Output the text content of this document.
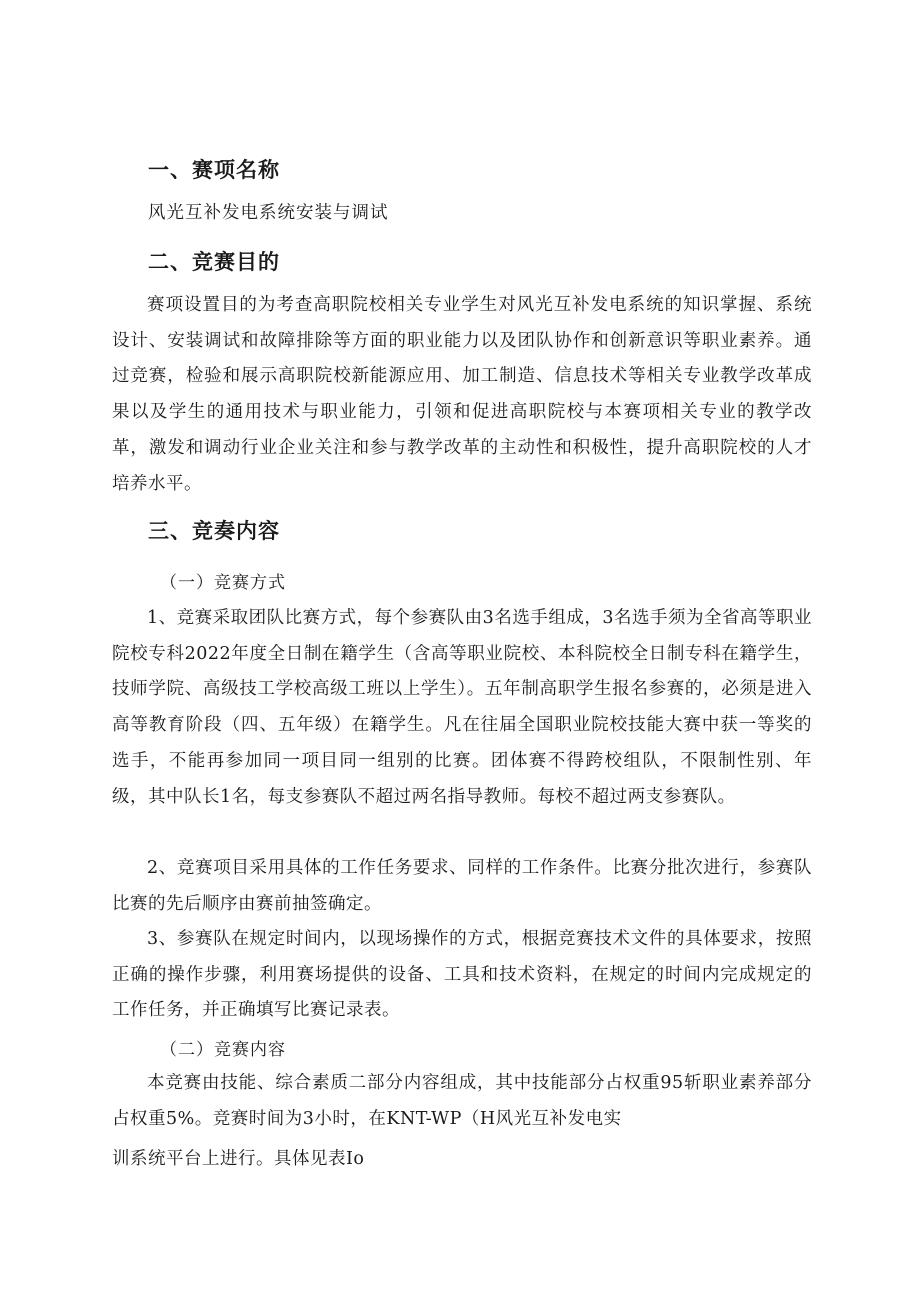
一、赛项名称
风光互补发电系统安装与调试
二、竞赛目的

赛项设置目的为考查高职院校相关专业学生对风光互补发电系统的知识掌握、系统设计、安装调试和故障排除等方面的职业能力以及团队协作和创新意识等职业素养。通过竞赛，检验和展示高职院校新能源应用、加工制造、信息技术等相关专业教学改革成果以及学生的通用技术与职业能力，引领和促进高职院校与本赛项相关专业的教学改革，激发和调动行业企业关注和参与教学改革的主动性和积极性，提升高职院校的人才培养水平。

三、竞奏内容
（一）竞赛方式

1、竞赛采取团队比赛方式，每个参赛队由3名选手组成，3名选手须为全省高等职业院校专科2022年度全日制在籍学生（含高等职业院校、本科院校全日制专科在籍学生，技师学院、高级技工学校高级工班以上学生）。五年制高职学生报名参赛的，必须是进入高等教育阶段（四、五年级）在籍学生。凡在往届全国职业院校技能大赛中获一等奖的选手，不能再参加同一项目同一组别的比赛。团体赛不得跨校组队，不限制性别、年级，其中队长1名，每支参赛队不超过两名指导教师。每校不超过两支参赛队。

2、竞赛项目采用具体的工作任务要求、同样的工作条件。比赛分批次进行，参赛队比赛的先后顺序由赛前抽签确定。

3、参赛队在规定时间内，以现场操作的方式，根据竞赛技术文件的具体要求，按照正确的操作步骤，利用赛场提供的设备、工具和技术资料，在规定的时间内完成规定的工作任务，并正确填写比赛记录表。

（二）竞赛内容

本竞赛由技能、综合素质二部分内容组成，其中技能部分占权重95斩职业素养部分占权重5%。竞赛时间为3小时，在KNT-WP（H风光互补发电实

训系统平台上进行。具体见表Io
